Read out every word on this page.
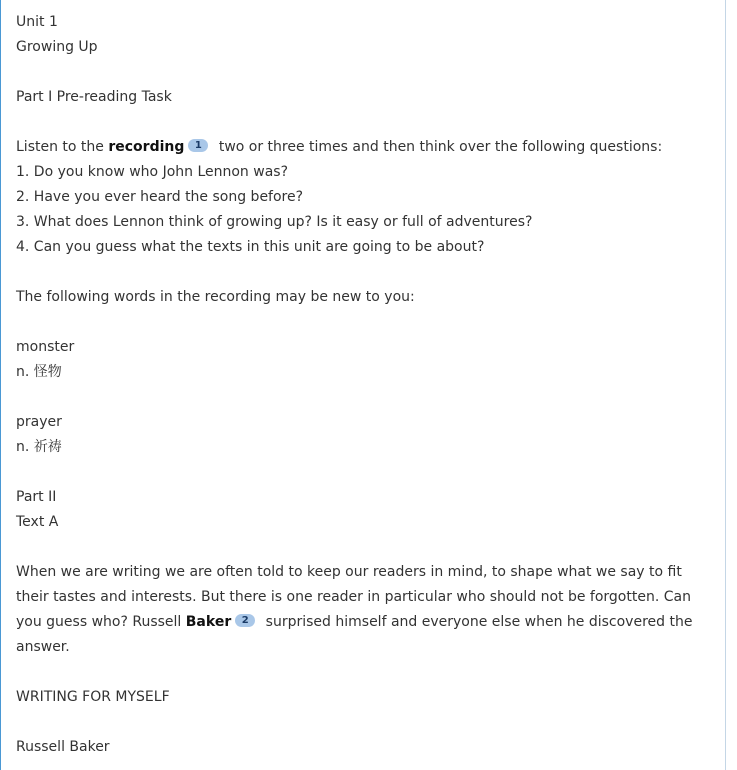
Unit 1

Growing Up

Part I Pre-reading Task

Listen to the recording 1 two or three times and then think over the following questions:

1. Do you know who John Lennon was?

2. Have you ever heard the song before?

3. What does Lennon think of growing up? Is it easy or full of adventures?

4. Can you guess what the texts in this unit are going to be about?

The following words in the recording may be new to you:

monster

n. 怪物

prayer

n. 祈祷

Part II

Text A

When we are writing we are often told to keep our readers in mind, to shape what we say to fit their tastes and interests. But there is one reader in particular who should not be forgotten. Can you guess who? Russell Baker 2 surprised himself and everyone else when he discovered the answer.

WRITING FOR MYSELF

Russell Baker
